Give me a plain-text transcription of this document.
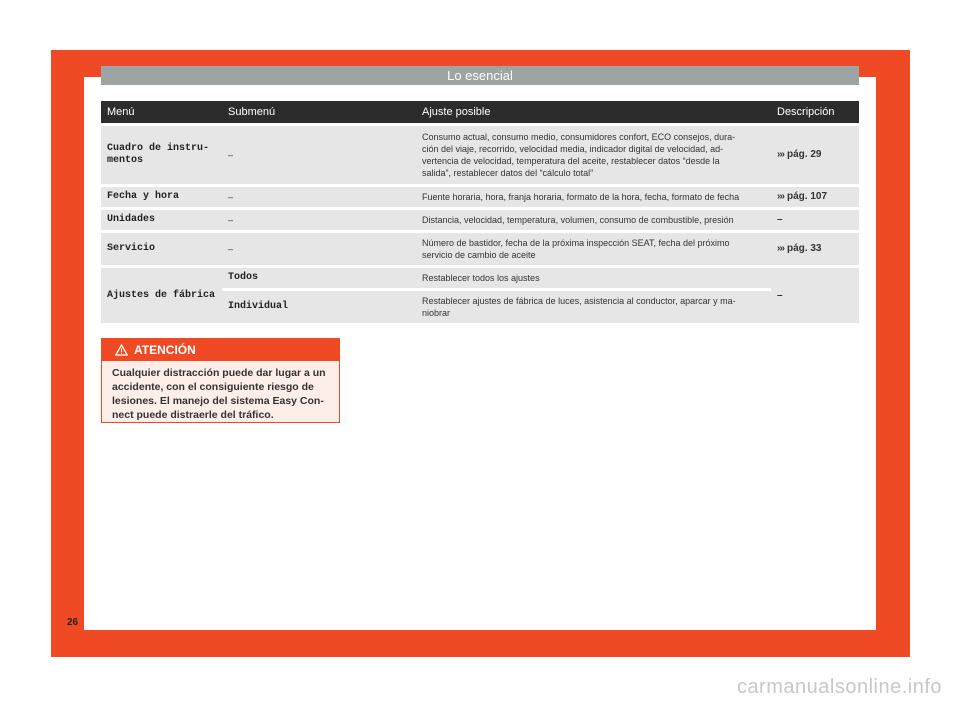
Lo esencial
Menú	Submenú	Ajuste posible	Descripción
Cuadro de instru-
mentos	–	Consumo actual, consumo medio, consumidores confort, ECO consejos, dura-
ción del viaje, recorrido, velocidad media, indicador digital de velocidad, ad-
vertencia de velocidad, temperatura del aceite, restablecer datos “desde la
salida”, restablecer datos del “cálculo total”	››› pág. 29
Fecha y hora	–	Fuente horaria, hora, franja horaria, formato de la hora, fecha, formato de fecha	››› pág. 107
Unidades	–	Distancia, velocidad, temperatura, volumen, consumo de combustible, presión	–
Servicio	–	Número de bastidor, fecha de la próxima inspección SEAT, fecha del próximo
servicio de cambio de aceite	››› pág. 33
Ajustes de fábrica	Todos	Restablecer todos los ajustes	–
	Individual	Restablecer ajustes de fábrica de luces, asistencia al conductor, aparcar y ma-
niobrar	
ATENCIÓN
Cualquier distracción puede dar lugar a un accidente, con el consiguiente riesgo de lesiones. El manejo del sistema Easy Con-nect puede distraerle del tráfico.
26
carmanualsonline.info
